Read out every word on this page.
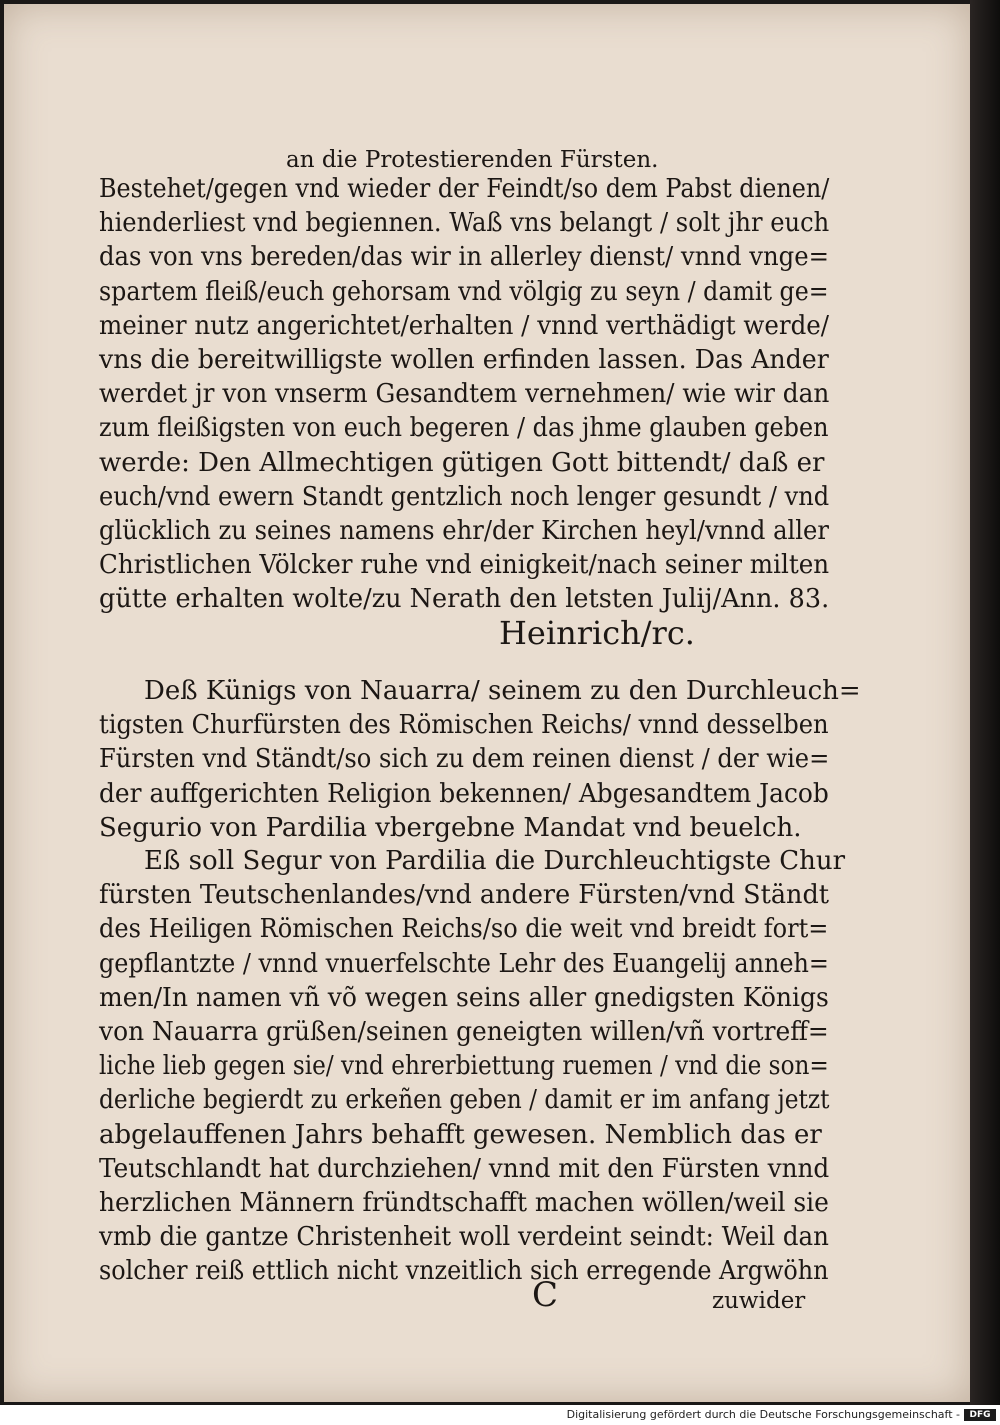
an die Protestierenden Fürsten.
Bestehet/gegen vnd wieder der Feindt/so dem Pabst dienen/
hienderliest vnd begiennen. Waß vns belangt / solt jhr euch
das von vns bereden/das wir in allerley dienst/ vnnd vnge=
spartem fleiß/euch gehorsam vnd völgig zu seyn / damit ge=
meiner nutz angerichtet/erhalten / vnnd verthädigt werde/
vns die bereitwilligste wollen erfinden lassen. Das Ander
werdet jr von vnserm Gesandtem vernehmen/ wie wir dan
zum fleißigsten von euch begeren / das jhme glauben geben
werde: Den Allmechtigen gütigen Gott bittendt/ daß er
euch/vnd ewern Standt gentzlich noch lenger gesundt / vnd
glücklich zu seines namens ehr/der Kirchen heyl/vnnd aller
Christlichen Völcker ruhe vnd einigkeit/nach seiner milten
gütte erhalten wolte/zu Nerath den letsten Julij/Ann. 83.
Heinrich/rc.
Deß Künigs von Nauarra/ seinem zu den Durchleuch=
tigsten Churfürsten des Römischen Reichs/ vnnd desselben
Fürsten vnd Ständt/so sich zu dem reinen dienst / der wie=
der auffgerichten Religion bekennen/ Abgesandtem Jacob
Segurio von Pardilia vbergebne Mandat vnd beuelch.
Eß soll Segur von Pardilia die Durchleuchtigste Chur
fürsten Teutschenlandes/vnd andere Fürsten/vnd Ständt
des Heiligen Römischen Reichs/so die weit vnd breidt fort=
gepflantzte / vnnd vnuerfelschte Lehr des Euangelij anneh=
men/In namen vñ võ wegen seins aller gnedigsten Königs
von Nauarra grüßen/seinen geneigten willen/vñ vortreff=
liche lieb gegen sie/ vnd ehrerbiettung ruemen / vnd die son=
derliche begierdt zu erkeñen geben / damit er im anfang jetzt
abgelauffenen Jahrs behafft gewesen. Nemblich das er
Teutschlandt hat durchziehen/ vnnd mit den Fürsten vnnd
herzlichen Männern fründtschafft machen wöllen/weil sie
vmb die gantze Christenheit woll verdeint seindt: Weil dan
solcher reiß ettlich nicht vnzeitlich sich erregende Argwöhn
C	zuwider
Digitalisierung gefördert durch die Deutsche Forschungsgemeinschaft -	DFG
